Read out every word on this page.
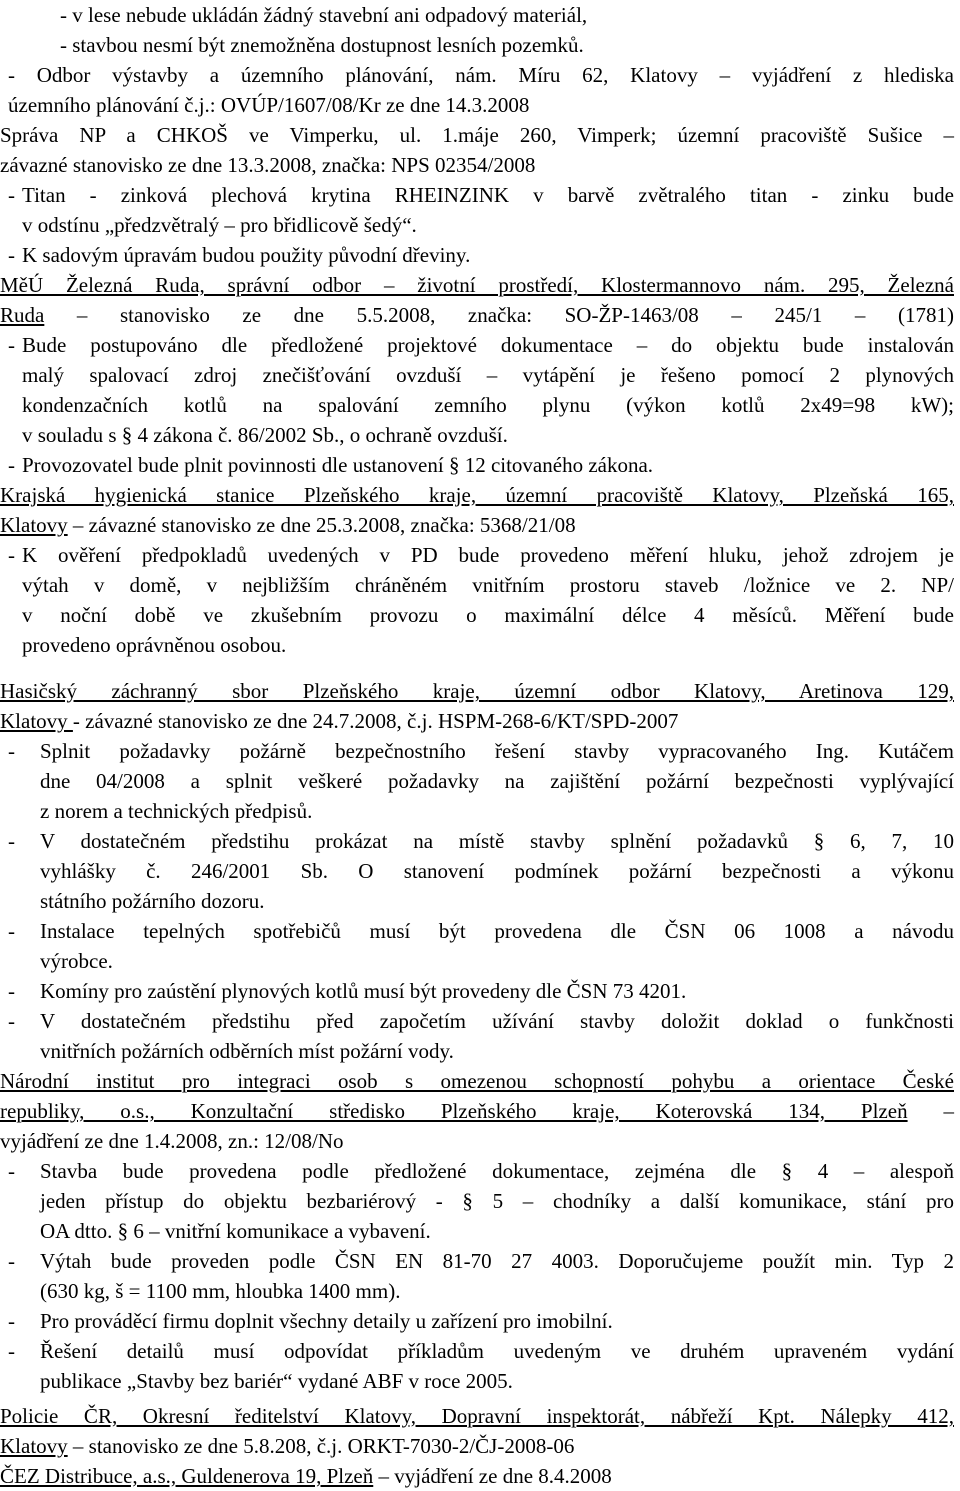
- v lese nebude ukládán žádný stavební ani odpadový materiál,
- stavbou nesmí být znemožněna dostupnost lesních pozemků.
- Odbor výstavby a územního plánování, nám. Míru 62, Klatovy – vyjádření z hlediska
územního plánování č.j.: OVÚP/1607/08/Kr ze dne 14.3.2008
Správa NP a CHKOŠ ve Vimperku, ul. 1.máje 260, Vimperk; územní pracoviště Sušice –
závazné stanovisko ze dne 13.3.2008, značka: NPS 02354/2008
- Titan - zinková plechová krytina RHEINZINK v barvě zvětralého titan - zinku bude
v odstínu „předzvětralý – pro břidlicově šedý“.
- K sadovým úpravám budou použity původní dřeviny.
MěÚ Železná Ruda, správní odbor – životní prostředí, Klostermannovo nám. 295, Železná
Ruda – stanovisko ze dne 5.5.2008, značka: SO-ŽP-1463/08 – 245/1 – (1781)
- Bude postupováno dle předložené projektové dokumentace – do objektu bude instalován
malý spalovací zdroj znečišťování ovzduší – vytápění je řešeno pomocí 2 plynových
kondenzačních kotlů na spalování zemního plynu (výkon kotlů 2x49=98 kW);
v souladu s § 4 zákona č. 86/2002 Sb., o ochraně ovzduší.
- Provozovatel bude plnit povinnosti dle ustanovení § 12 citovaného zákona.
Krajská hygienická stanice Plzeňského kraje, územní pracoviště Klatovy, Plzeňská 165,
Klatovy – závazné stanovisko ze dne 25.3.2008, značka: 5368/21/08
- K ověření předpokladů uvedených v PD bude provedeno měření hluku, jehož zdrojem je
výtah v domě, v nejbližším chráněném vnitřním prostoru staveb /ložnice ve 2. NP/
v noční době ve zkušebním provozu o maximální délce 4 měsíců. Měření bude
provedeno oprávněnou osobou.
Hasičský záchranný sbor Plzeňského kraje, územní odbor Klatovy, Aretinova 129,
Klatovy - závazné stanovisko ze dne 24.7.2008, č.j. HSPM-268-6/KT/SPD-2007
- Splnit požadavky požárně bezpečnostního řešení stavby vypracovaného Ing. Kutáčem
dne 04/2008 a splnit veškeré požadavky na zajištění požární bezpečnosti vyplývající
z norem a technických předpisů.
- V dostatečném předstihu prokázat na místě stavby splnění požadavků § 6, 7, 10
vyhlášky č. 246/2001 Sb. O stanovení podmínek požární bezpečnosti a výkonu
státního požárního dozoru.
- Instalace tepelných spotřebičů musí být provedena dle ČSN 06 1008 a návodu
výrobce.
- Komíny pro zaústění plynových kotlů musí být provedeny dle ČSN 73 4201.
- V dostatečném předstihu před započetím užívání stavby doložit doklad o funkčnosti
vnitřních požárních odběrních míst požární vody.
Národní institut pro integraci osob s omezenou schopností pohybu a orientace České
republiky, o.s., Konzultační středisko Plzeňského kraje, Koterovská 134, Plzeň –
vyjádření ze dne 1.4.2008, zn.: 12/08/No
- Stavba bude provedena podle předložené dokumentace, zejména dle § 4 – alespoň
jeden přístup do objektu bezbariérový - § 5 – chodníky a další komunikace, stání pro
OA dtto. § 6 – vnitřní komunikace a vybavení.
- Výtah bude proveden podle ČSN EN 81-70 27 4003. Doporučujeme použít min. Typ 2
(630 kg, š = 1100 mm, hloubka 1400 mm).
- Pro prováděcí firmu doplnit všechny detaily u zařízení pro imobilní.
- Řešení detailů musí odpovídat příkladům uvedeným ve druhém upraveném vydání
publikace „Stavby bez bariér“ vydané ABF v roce 2005.
Policie ČR, Okresní ředitelství Klatovy, Dopravní inspektorát, nábřeží Kpt. Nálepky 412,
Klatovy – stanovisko ze dne 5.8.208, č.j. ORKT-7030-2/ČJ-2008-06
ČEZ Distribuce, a.s., Guldenerova 19, Plzeň – vyjádření ze dne 8.4.2008
